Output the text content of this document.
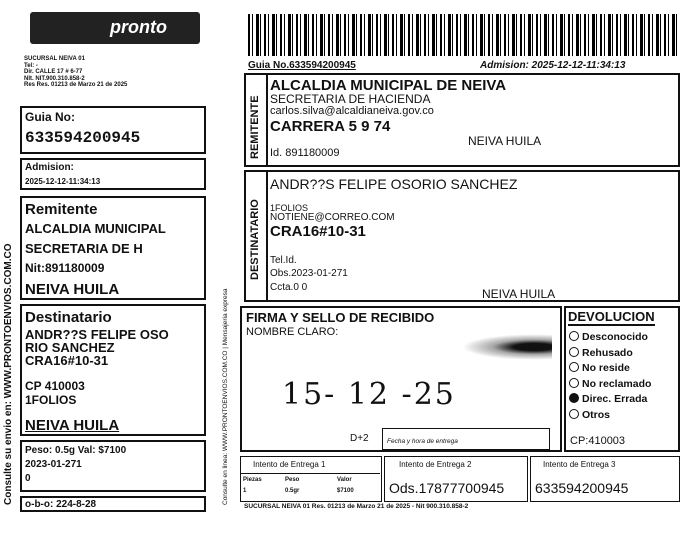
pronto
SUCURSAL NEIVA 01
Tel: -
Dir. CALLE 17 # 6-77
NIt. NIT.900.310.858-2
Res Res. 01213 de Marzo 21 de 2025
Consulte su envio en: WWW.PRONTOENVIOS.COM.CO	Consulte en linea: WWW.PRONTOENVIOS.COM.CO | Mensajeria expresa
Guia No:
633594200945
Admision:
2025-12-12-11:34:13
Remitente
ALCALDIA MUNICIPAL
SECRETARIA DE H
Nit:891180009
NEIVA HUILA
Destinatario
ANDR??S FELIPE OSO
RIO SANCHEZ
CRA16#10-31
CP 410003
1FOLIOS
NEIVA HUILA
Peso: 0.5g Val: $7100
2023-01-271
0
o-b-o: 224-8-28
Guia No.633594200945	Admision: 2025-12-12-11:34:13
REMITENTE
ALCALDIA MUNICIPAL DE NEIVA
SECRETARIA DE HACIENDA
carlos.silva@alcaldianeiva.gov.co
CARRERA 5 9 74
NEIVA HUILA
Id. 891180009
DESTINATARIO
ANDR??S FELIPE OSORIO SANCHEZ
1FOLIOS
NOTIENE@CORREO.COM
CRA16#10-31
Tel.Id.
Obs.2023-01-271
Ccta.0 0	NEIVA HUILA
FIRMA Y SELLO DE RECIBIDO
NOMBRE CLARO:
15- 12 -25
D+2	Fecha y hora de entrega
DEVOLUCION
Desconocido
Rehusado
No reside
No reclamado
Direc. Errada
Otros
CP:410003
Intento de Entrega 1
Piezas	Peso	Valor
1	0.5gr	$7100
Intento de Entrega 2
Ods.17877700945
Intento de Entrega 3
633594200945
SUCURSAL NEIVA 01 Res. 01213 de Marzo 21 de 2025 - Nit 900.310.858-2
